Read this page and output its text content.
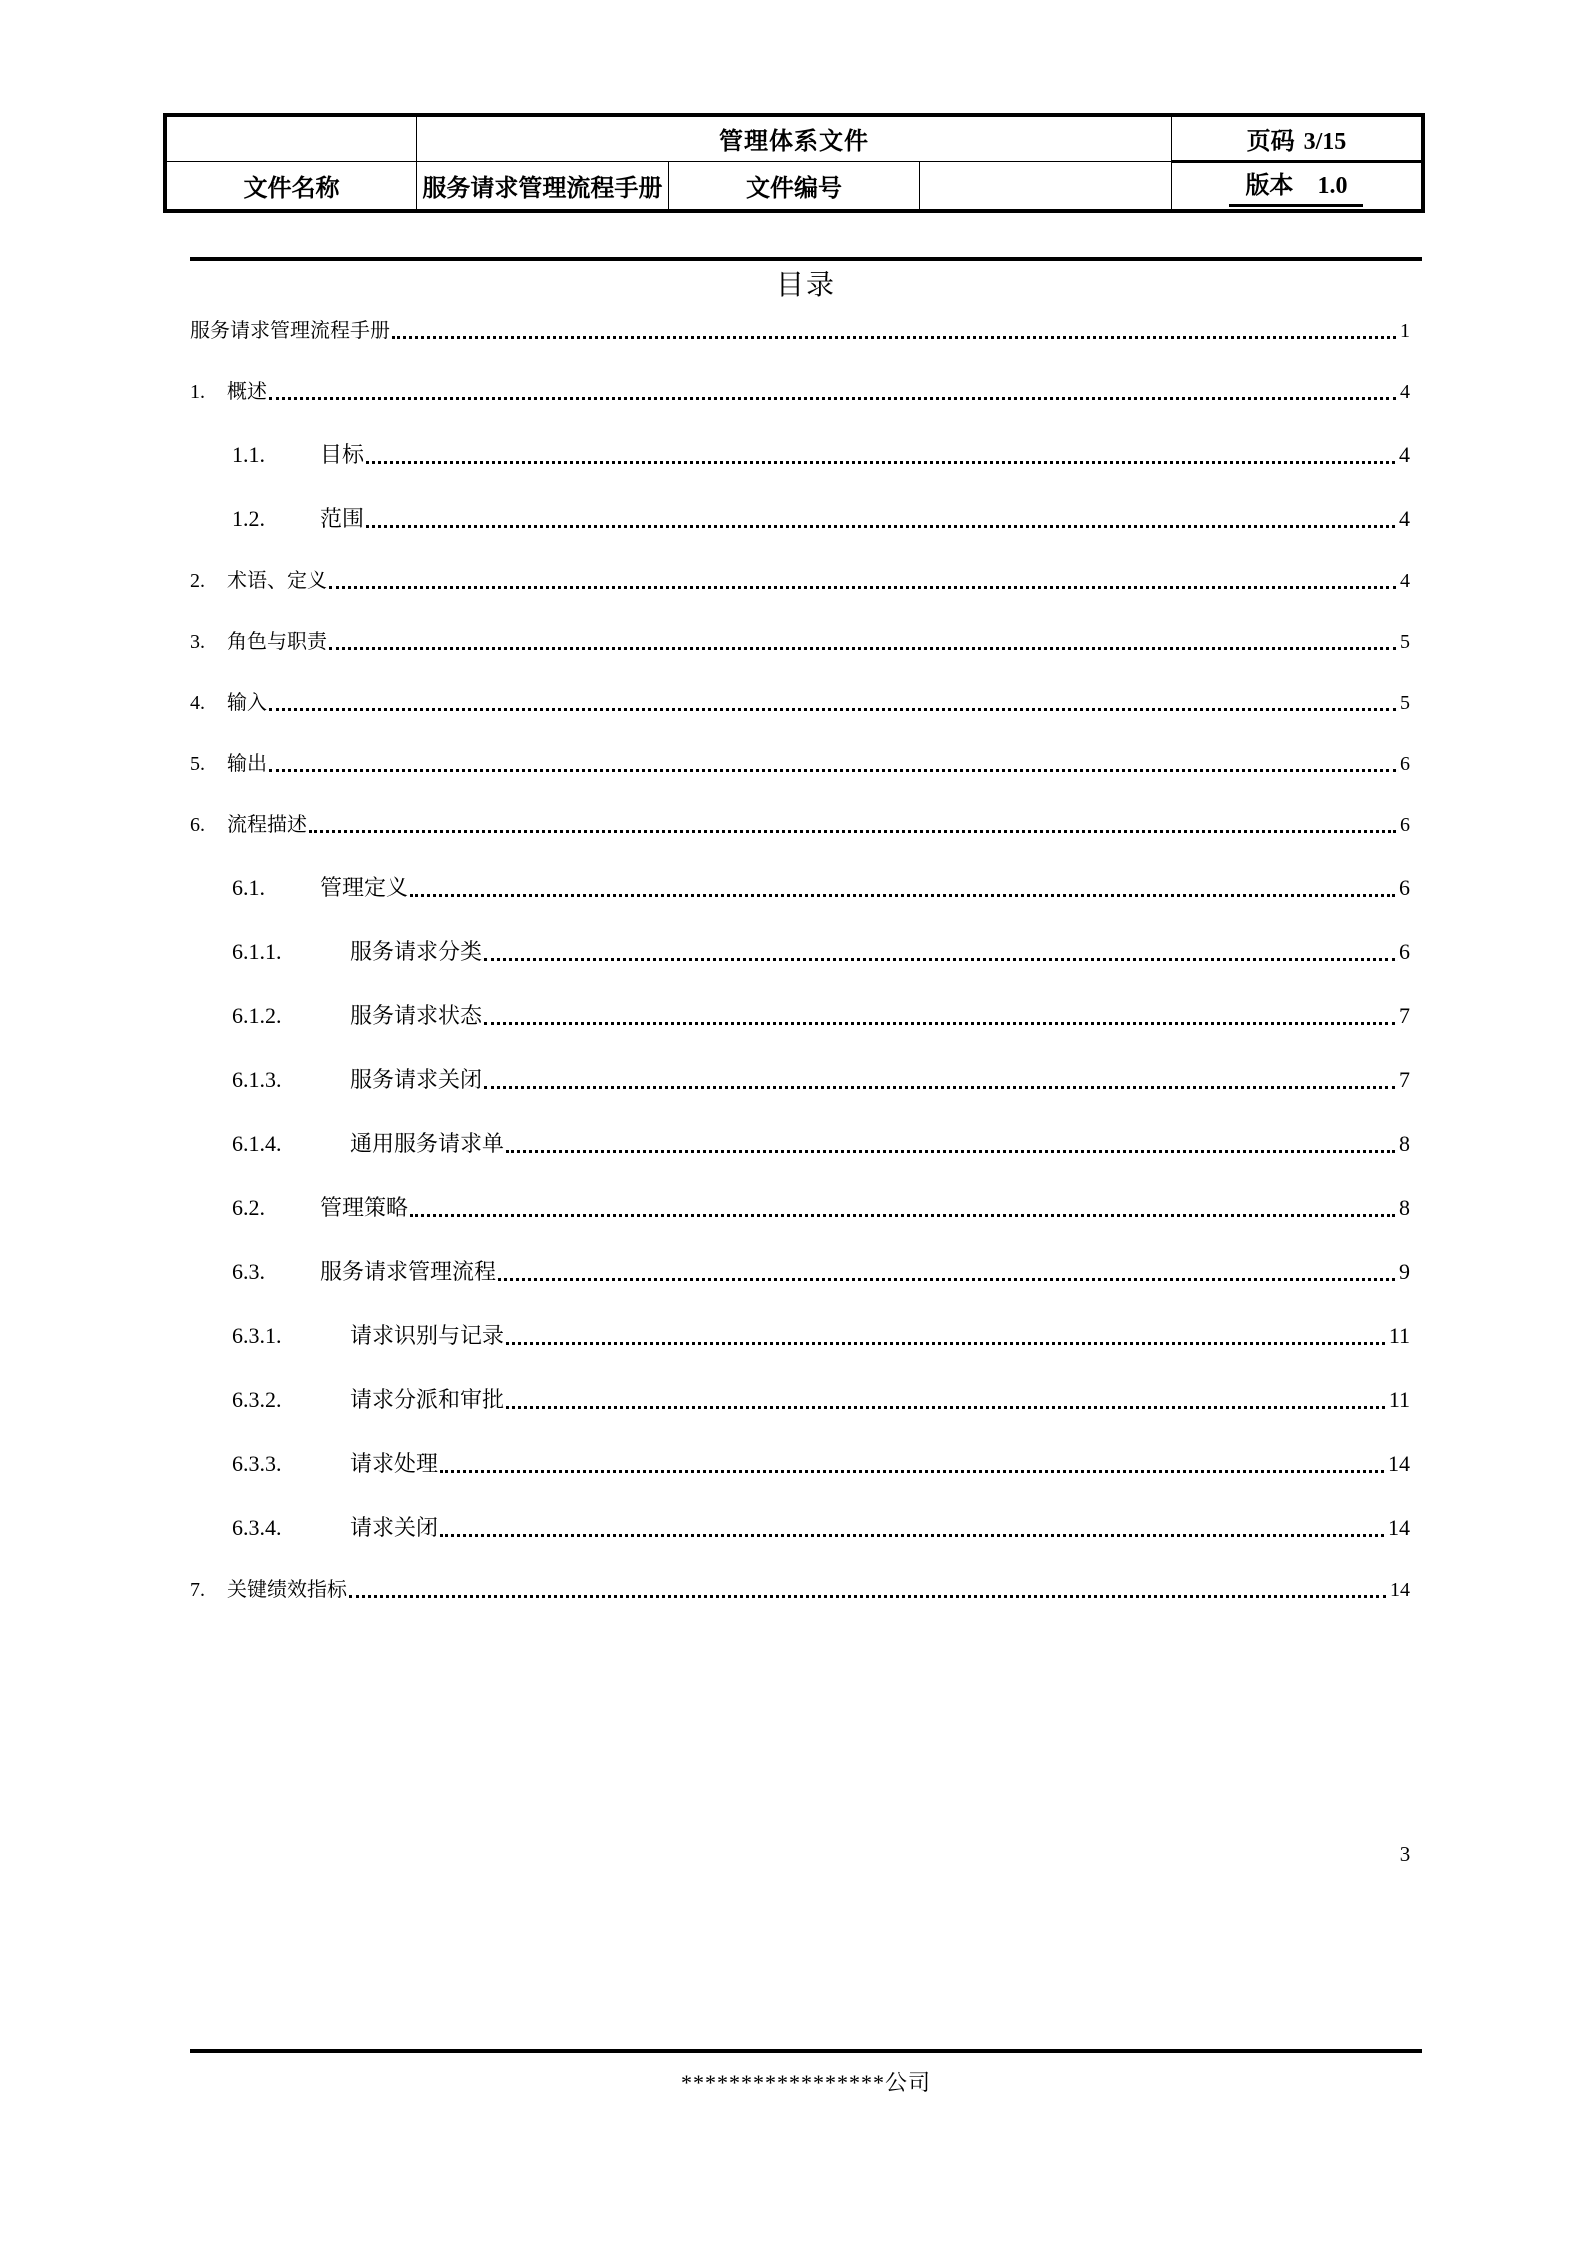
	管理体系文件			页码 3/15
文件名称	服务请求管理流程手册	文件编号		版本 1.0
目录
服务请求管理流程手册	1
1.	概述	4
1.1.	目标	4
1.2.	范围	4
2.	术语、定义	4
3.	角色与职责	5
4.	输入	5
5.	输出	6
6.	流程描述	6
6.1.	管理定义	6
6.1.1.	服务请求分类	6
6.1.2.	服务请求状态	7
6.1.3.	服务请求关闭	7
6.1.4.	通用服务请求单	8
6.2.	管理策略	8
6.3.	服务请求管理流程	9
6.3.1.	请求识别与记录	11
6.3.2.	请求分派和审批	11
6.3.3.	请求处理	14
6.3.4.	请求关闭	14
7.	关键绩效指标	14
3
*****************公司
